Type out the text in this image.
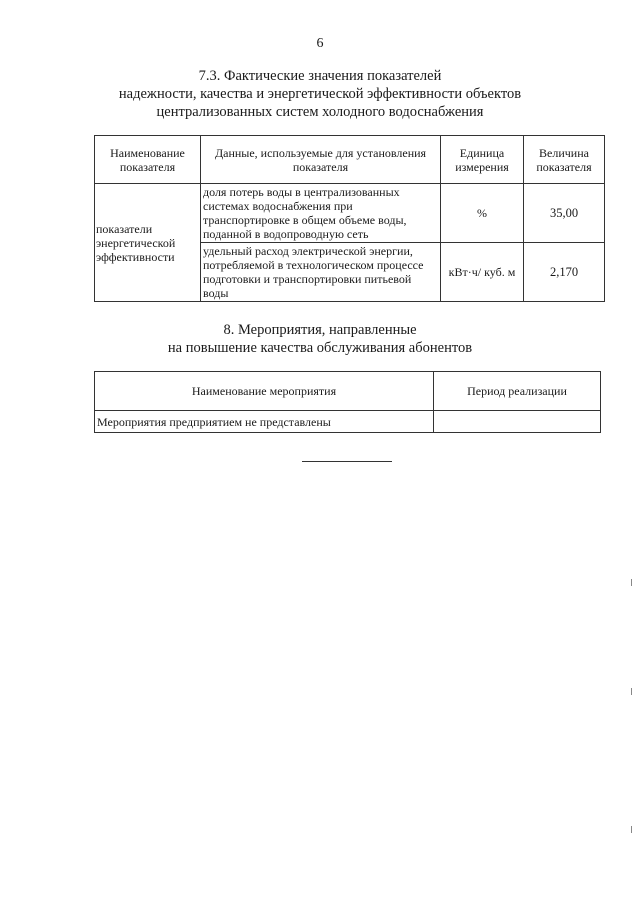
6
7.3. Фактические значения показателей
надежности, качества и энергетической эффективности объектов
централизованных систем холодного водоснабжения
Наименование показателя	Данные, используемые для установления показателя	Единица измерения	Величина показателя
показатели энергетической эффективности	доля потерь воды в централизованных системах водоснабжения при транспортировке в общем объеме воды, поданной в водопроводную сеть	%	35,00
	удельный расход электрической энергии, потребляемой в технологическом процессе подготовки и транспортировки питьевой воды	кВт·ч/ куб. м	2,170
8. Мероприятия, направленные
на повышение качества обслуживания абонентов
Наименование мероприятия	Период реализации
Мероприятия предприятием не представлены	
